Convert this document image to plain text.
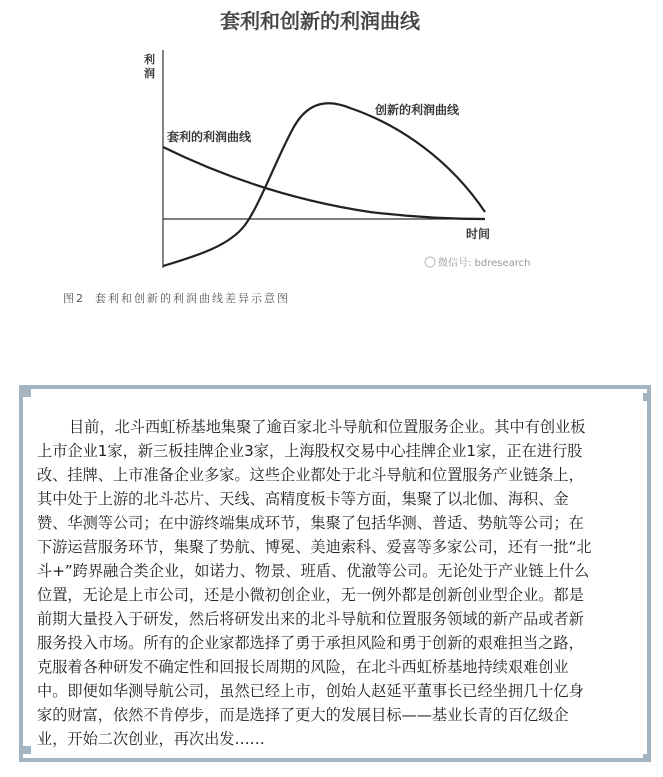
套利和创新的利润曲线
利
润
时间
套利的利润曲线
创新的利润曲线
微信号: bdresearch
图2 套利和创新的利润曲线差异示意图
目前，北斗西虹桥基地集聚了逾百家北斗导航和位置服务企业。其中有创业板
上市企业1家，新三板挂牌企业3家，上海股权交易中心挂牌企业1家，正在进行股
改、挂牌、上市准备企业多家。这些企业都处于北斗导航和位置服务产业链条上，
其中处于上游的北斗芯片、天线、高精度板卡等方面，集聚了以北伽、海积、金
赞、华测等公司；在中游终端集成环节，集聚了包括华测、普适、势航等公司；在
下游运营服务环节，集聚了势航、博冕、美迪索科、爱喜等多家公司，还有一批“北
斗+”跨界融合类企业，如诺力、物景、班盾、优澈等公司。无论处于产业链上什么
位置，无论是上市公司，还是小微初创企业，无一例外都是创新创业型企业。都是
前期大量投入于研发，然后将研发出来的北斗导航和位置服务领域的新产品或者新
服务投入市场。所有的企业家都选择了勇于承担风险和勇于创新的艰难担当之路，
克服着各种研发不确定性和回报长周期的风险，在北斗西虹桥基地持续艰难创业
中。即便如华测导航公司，虽然已经上市，创始人赵延平董事长已经坐拥几十亿身
家的财富，依然不肯停步，而是选择了更大的发展目标——基业长青的百亿级企
业，开始二次创业，再次出发……
